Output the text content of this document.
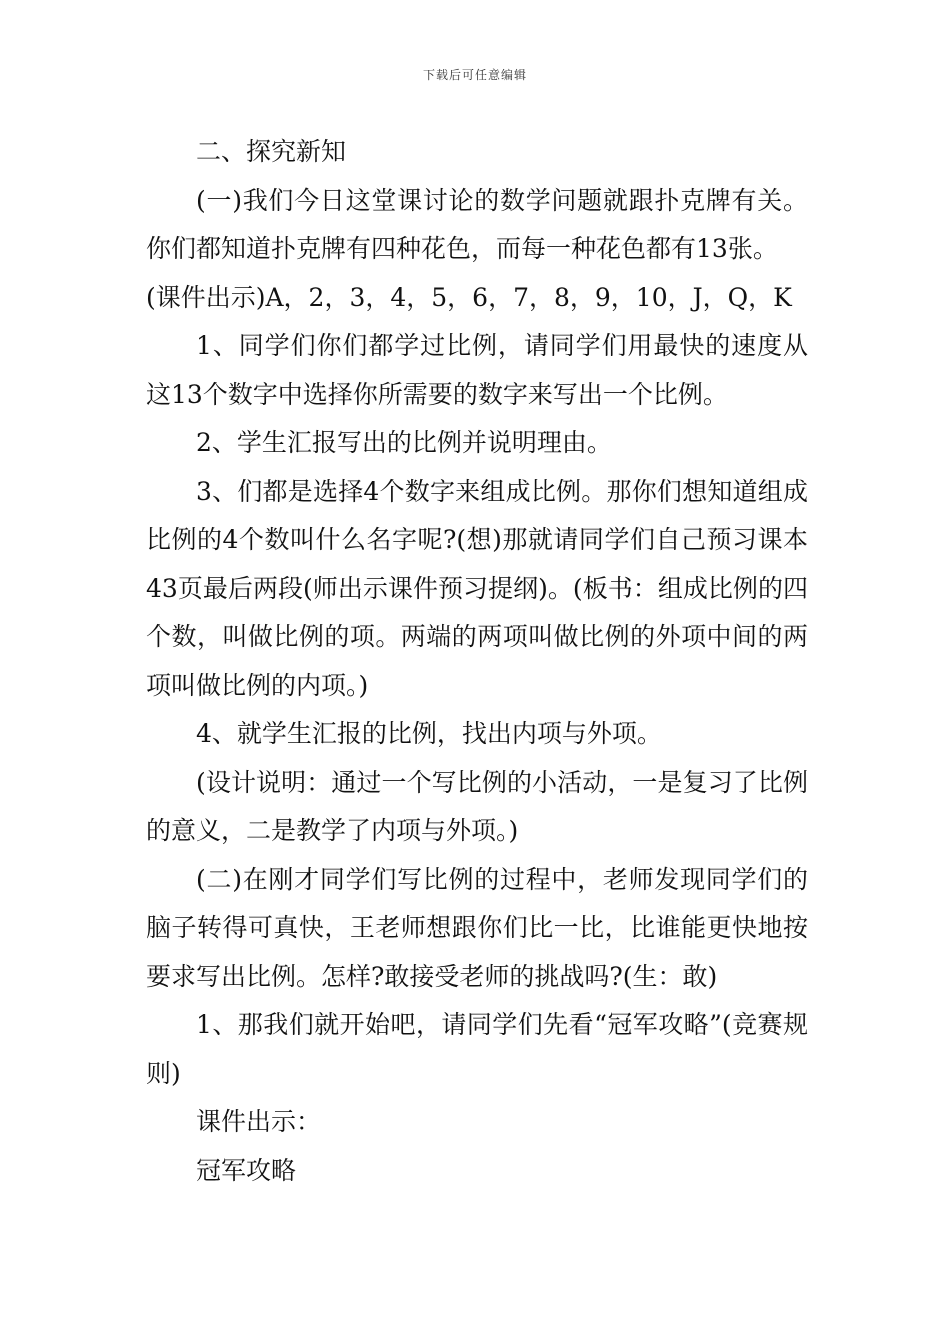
下载后可任意编辑

二、探究新知

(一)我们今日这堂课讨论的数学问题就跟扑克牌有关。你们都知道扑克牌有四种花色，而每一种花色都有13张。

(课件出示)A，2，3，4，5，6，7，8，9，10，J，Q，K

1、同学们你们都学过比例，请同学们用最快的速度从这13个数字中选择你所需要的数字来写出一个比例。

2、学生汇报写出的比例并说明理由。

3、们都是选择4个数字来组成比例。那你们想知道组成比例的4个数叫什么名字呢?(想)那就请同学们自己预习课本43页最后两段(师出示课件预习提纲)。(板书：组成比例的四个数，叫做比例的项。两端的两项叫做比例的外项中间的两项叫做比例的内项。)

4、就学生汇报的比例，找出内项与外项。

(设计说明：通过一个写比例的小活动，一是复习了比例的意义，二是教学了内项与外项。)

(二)在刚才同学们写比例的过程中，老师发现同学们的脑子转得可真快，王老师想跟你们比一比，比谁能更快地按要求写出比例。怎样?敢接受老师的挑战吗?(生：敢)

1、那我们就开始吧，请同学们先看“冠军攻略”(竞赛规则)

课件出示：

冠军攻略
